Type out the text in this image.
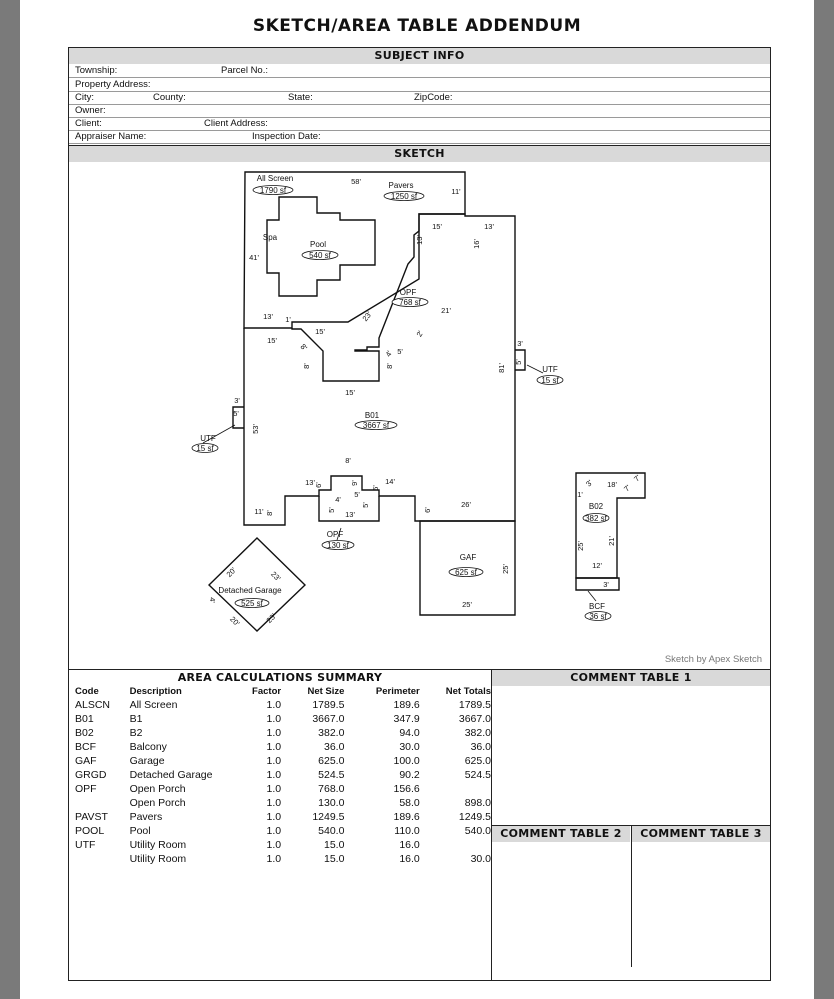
SKETCH/AREA TABLE ADDENDUM
SUBJECT INFO
Township:	Parcel No.:
Property Address:
City:	County:	State:	ZipCode:
Owner:
Client:	Client Address:
Appraiser Name:	Inspection Date:
SKETCH
All Screen
1790 sf
Pavers
1250 sf
Spa
Pool
540 sf
OPF
768 sf
B01
3667 sf
UTF
15 sf
UTF
15 sf
OPF
130 sf
GAF
625 sf
Detached Garage
525 sf
B02
382 sf
BCF
36 sf
58'
11'
41'
15'	13'
13'	16'
13' 1'
15'
23'	21'
2'
15'
8'
8'
4' 5'
8'	81'
3'
5'
15'
3'
5'
53'
8'
13' 6'	9'
5'
6'
14'
4'
5'
5'
13'
11' 8'
6'
26'
25'
25'
20'	23'
4'
20'	23'
3' 18' 7'
7'
1'
21'
25'
12'
3'
Sketch by Apex Sketch
AREA CALCULATIONS SUMMARY
Code	Description	Factor	Net Size	Perimeter	Net Totals
ALSCN	All Screen	1.0	1789.5	189.6	1789.5
B01	B1	1.0	3667.0	347.9	3667.0
B02	B2	1.0	382.0	94.0	382.0
BCF	Balcony	1.0	36.0	30.0	36.0
GAF	Garage	1.0	625.0	100.0	625.0
GRGD	Detached Garage	1.0	524.5	90.2	524.5
OPF	Open Porch	1.0	768.0	156.6	
	Open Porch	1.0	130.0	58.0	898.0
PAVST	Pavers	1.0	1249.5	189.6	1249.5
POOL	Pool	1.0	540.0	110.0	540.0
UTF	Utility Room	1.0	15.0	16.0	
	Utility Room	1.0	15.0	16.0	30.0
COMMENT TABLE 1
COMMENT TABLE 2	COMMENT TABLE 3
